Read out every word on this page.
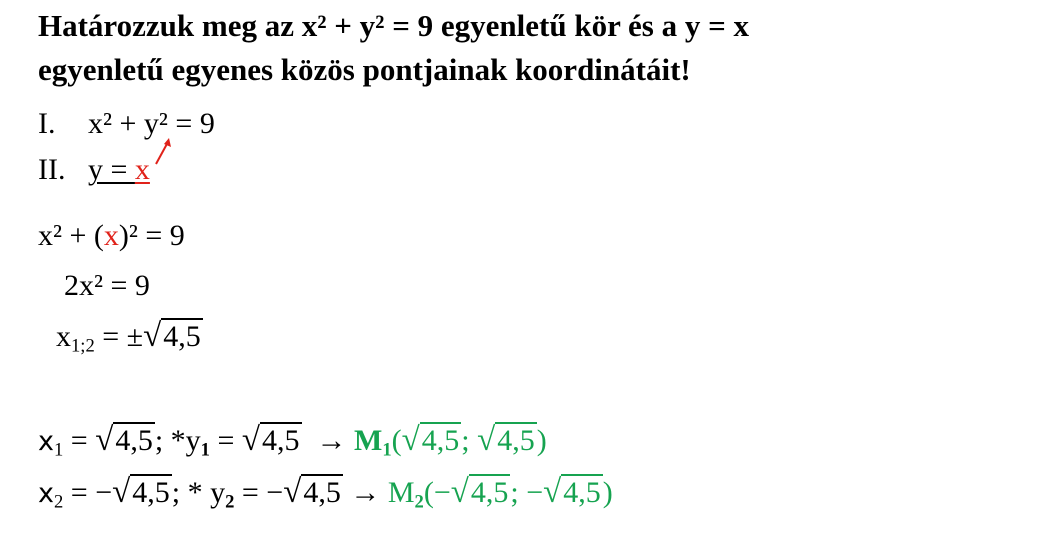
Határozzuk meg az x² + y² = 9 egyenletű kör és a y = x
egyenletű egyenes közös pontjainak koordinátáit!
I. x² + y² = 9
II. y = x
x² + (x)² = 9
2x² = 9
$x_{1;2} = \pm√4,5$
$x_1 = √4,5$; $*y_1 = √4,5 \to M_1(√4,5$; √4,5)
$x_2 = -√4,5$; * $y_2 = -√4,5 \to M_2(-√4,5$; −√4,5)
